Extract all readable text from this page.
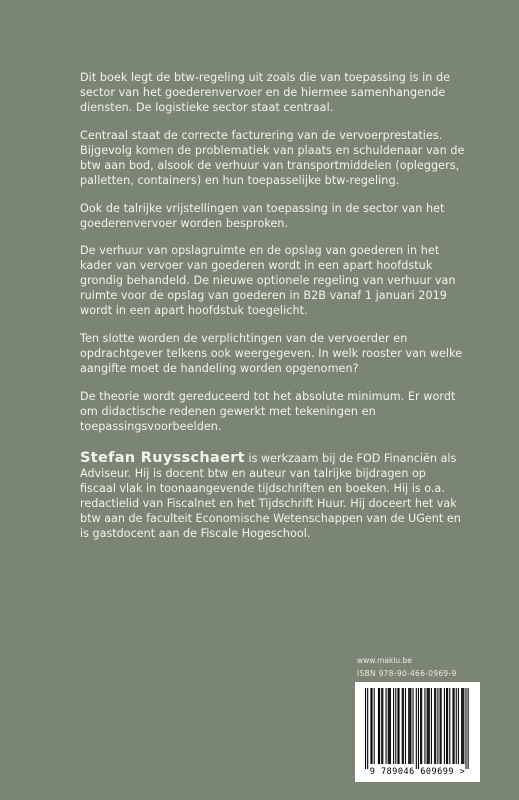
Dit boek legt de btw-regeling uit zoals die van toepassing is in de sector van het goederenvervoer en de hiermee samenhangende diensten. De logistieke sector staat centraal.

Centraal staat de correcte facturering van de vervoerprestaties. Bijgevolg komen de problematiek van plaats en schuldenaar van de btw aan bod, alsook de verhuur van transportmiddelen (opleggers, palletten, containers) en hun toepasselijke btw-regeling.

Ook de talrijke vrijstellingen van toepassing in de sector van het goederenvervoer worden besproken.

De verhuur van opslagruimte en de opslag van goederen in het kader van vervoer van goederen wordt in een apart hoofdstuk grondig behandeld. De nieuwe optionele regeling van verhuur van ruimte voor de opslag van goederen in B2B vanaf 1 januari 2019 wordt in een apart hoofdstuk toegelicht.

Ten slotte worden de verplichtingen van de vervoerder en opdrachtgever telkens ook weergegeven. In welk rooster van welke aangifte moet de handeling worden opgenomen?

De theorie wordt gereduceerd tot het absolute minimum. Er wordt om didactische redenen gewerkt met tekeningen en toepassingsvoorbeelden.

Stefan Ruysschaert is werkzaam bij de FOD Financiën als Adviseur. Hij is docent btw en auteur van talrijke bijdragen op fiscaal vlak in toonaangevende tijdschriften en boeken. Hij is o.a. redactielid van Fiscalnet en het Tijdschrift Huur. Hij doceert het vak btw aan de faculteit Economische Wetenschappen van de UGent en is gastdocent aan de Fiscale Hogeschool.

www.maklu.be
ISBN 978-90-466-0969-9
9 789046 609699 >
